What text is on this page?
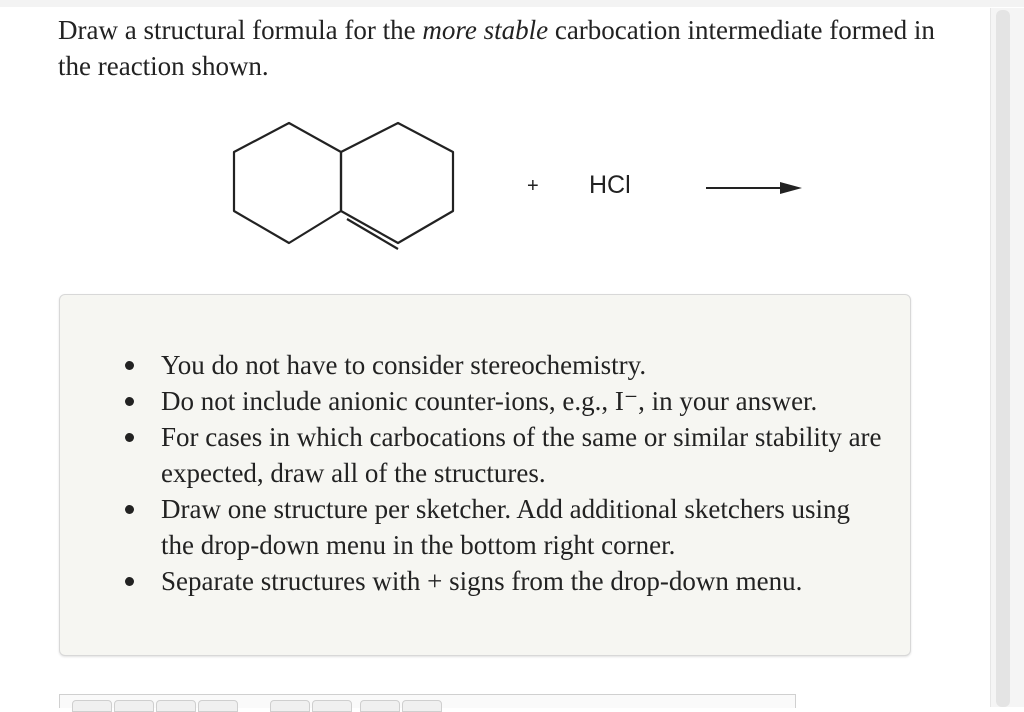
Draw a structural formula for the more stable carbocation intermediate formed in the reaction shown.
+ HCl
You do not have to consider stereochemistry.
Do not include anionic counter-ions, e.g., I⁻, in your answer.
For cases in which carbocations of the same or similar stability are expected, draw all of the structures.
Draw one structure per sketcher. Add additional sketchers using the drop-down menu in the bottom right corner.
Separate structures with + signs from the drop-down menu.
